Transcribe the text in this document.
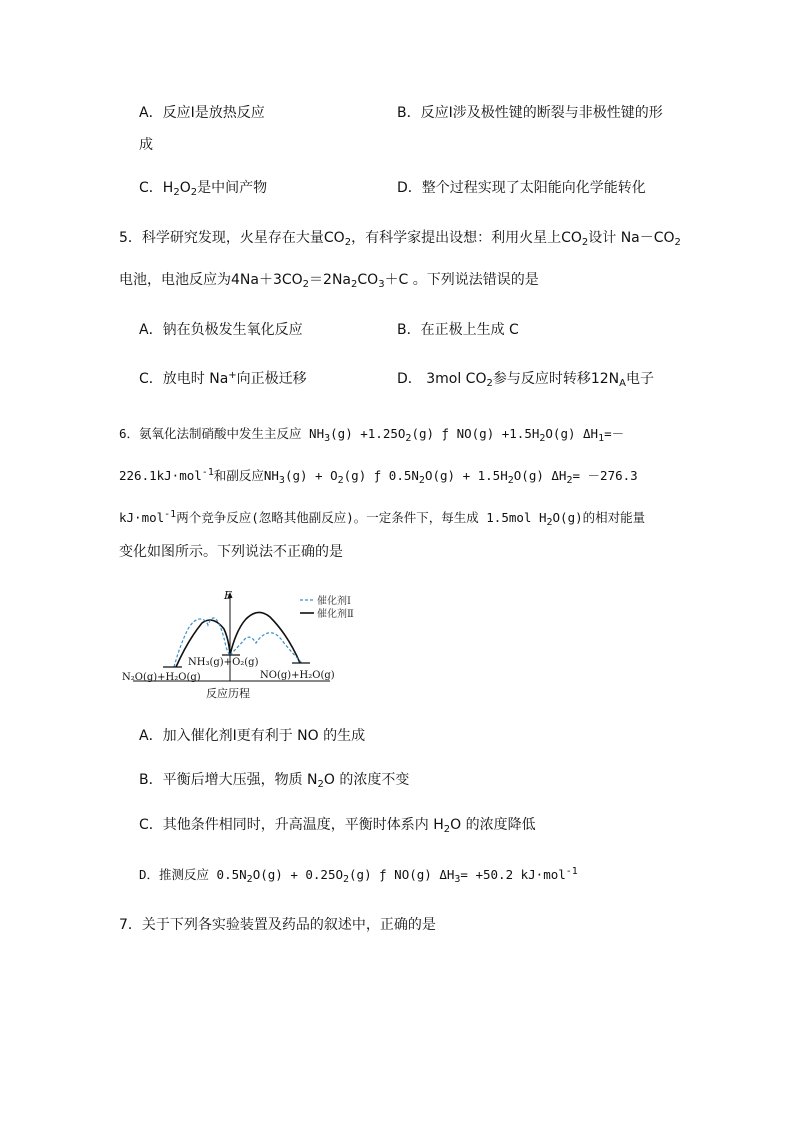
A．反应Ⅰ是放热反应	B．反应Ⅰ涉及极性键的断裂与非极性键的形
成
C．$H_2O_2$是中间产物	D．整个过程实现了太阳能向化学能转化
5．科学研究发现，火星存在大量$CO_2$，有科学家提出设想：利用火星上$CO_2$设计 $Na-CO_2$
电池，电池反应为$4Na+3CO_2=2Na_2CO_3+C$ 。下列说法错误的是
A．钠在负极发生氧化反应	B．在正极上生成 C
C．放电时 Na+向正极迁移	D． 3mol $CO_2$参与反应时转移$12N_A$电子
6．氨氧化法制硝酸中发生主反应 $NH_3(g) +1.25O_2(g)$ ƒ $NO(g) +1.5H_2O(g)$ $\Delta H_1=-$
226.1kJ·mol$^{-1}$和副反应$NH_3(g) + O_2(g)$ ƒ $0.5N_2O(g) + 1.5H_2O(g)$ $\Delta H_2= -276.3$
kJ·mol$^{-1}$两个竞争反应(忽略其他副反应)。一定条件下，每生成 1.5mol $H_2O(g)$的相对能量
变化如图所示。下列说法不正确的是
E
NH₃(g)+O₂(g)
N₂O(g)+H₂O(g)	NO(g)+H₂O(g)
反应历程
催化剂Ⅰ
催化剂Ⅱ
A．加入催化剂Ⅰ更有利于 NO 的生成
B．平衡后增大压强，物质 $N_2O$ 的浓度不变
C．其他条件相同时，升高温度，平衡时体系内 $H_2O$ 的浓度降低
D．推测反应 $0.5N_2O(g) + 0.25O_2(g)$ ƒ NO(g) $\Delta H_3= +50.2$ kJ·mol$^{-1}$
7．关于下列各实验装置及药品的叙述中，正确的是
